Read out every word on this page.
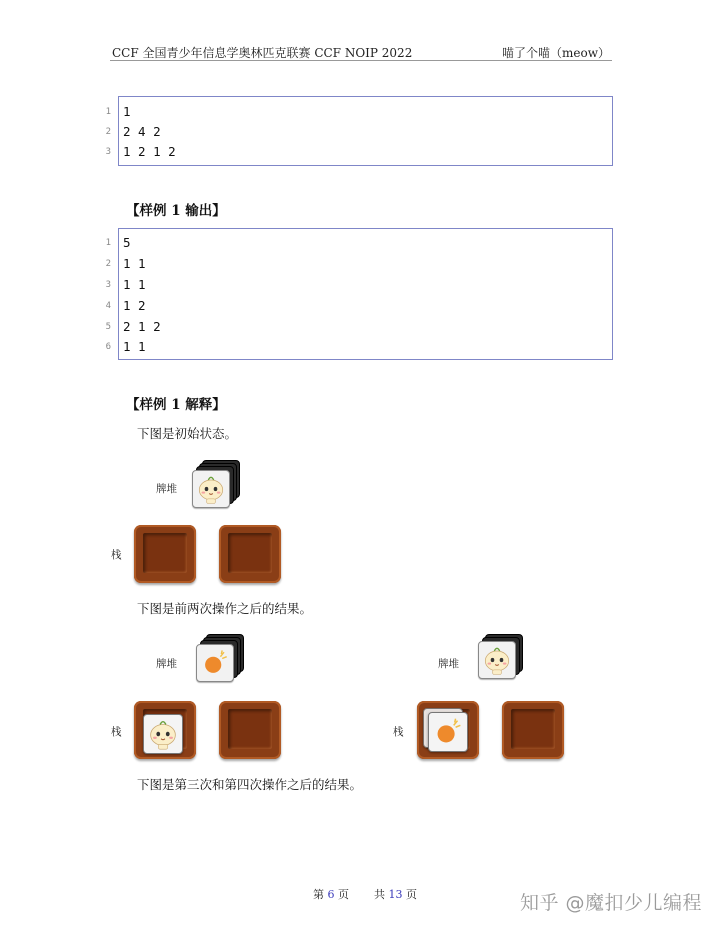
CCF 全国青少年信息学奥林匹克联赛 CCF NOIP 2022	喵了个喵（meow）
1 1
2 2 4 2
3 1 2 1 2
【样例 1 输出】
1 5
2 1 1
3 1 1
4 1 2
5 2 1 2
6 1 1
【样例 1 解释】
下图是初始状态。
牌堆
栈
下图是前两次操作之后的结果。
牌堆
栈
牌堆
栈
下图是第三次和第四次操作之后的结果。
第 6 页 共 13 页	知乎 @魔扣少儿编程
